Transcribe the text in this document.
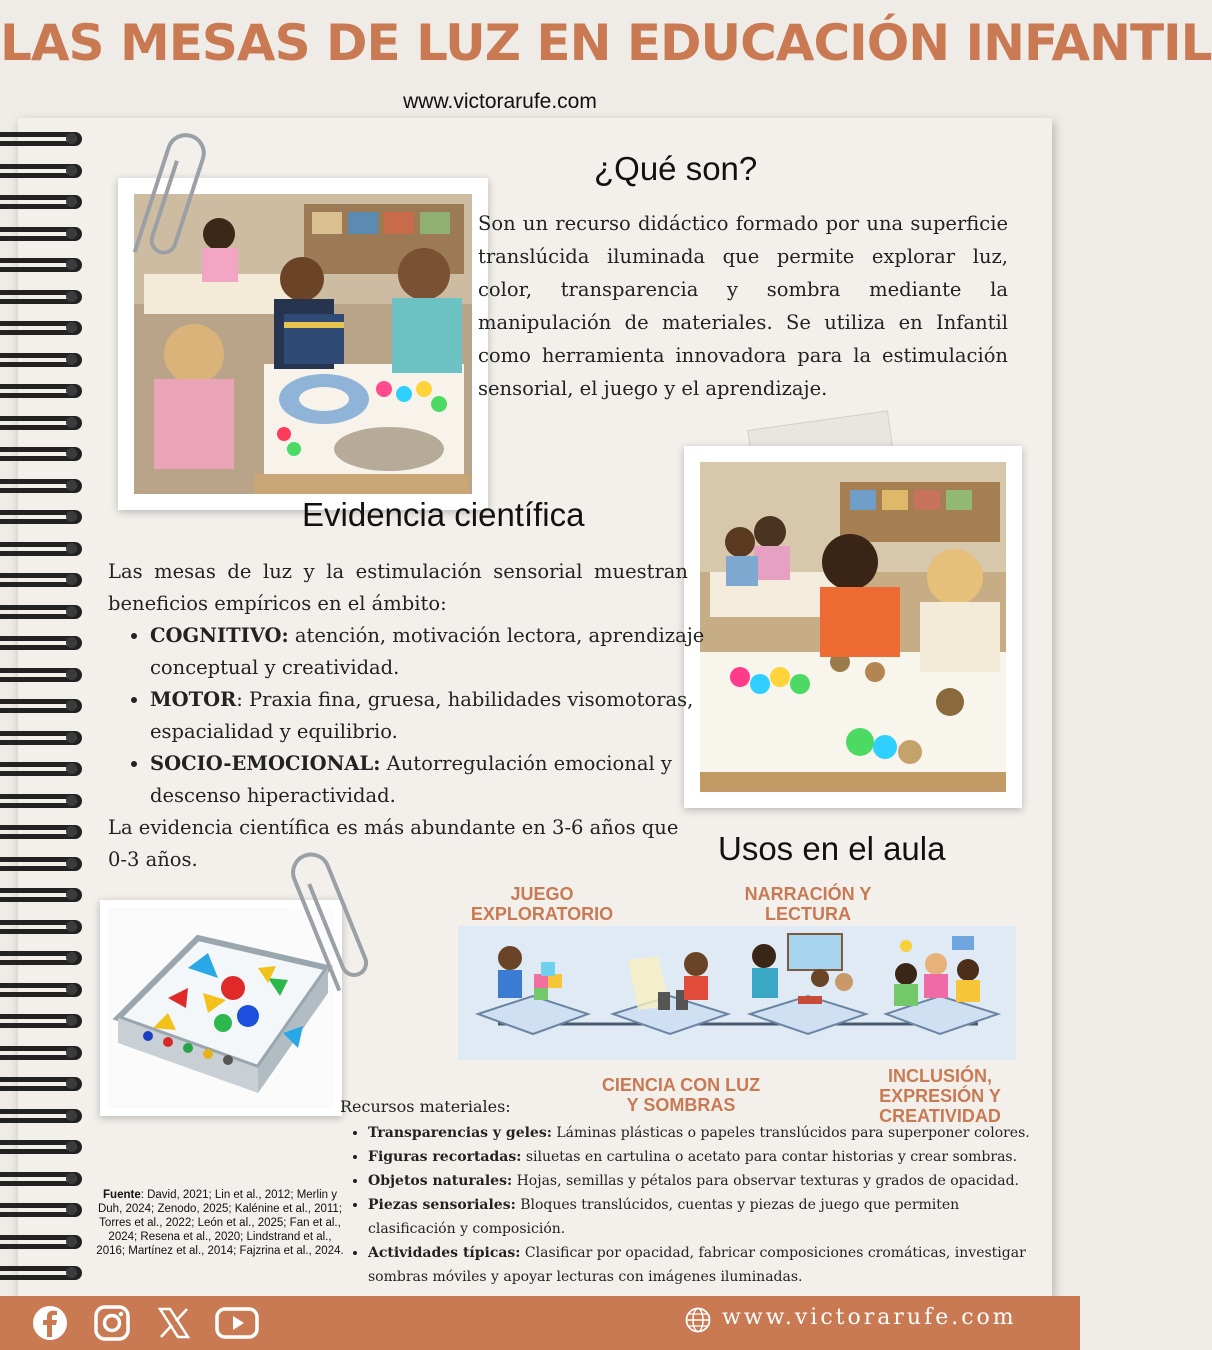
LAS MESAS DE LUZ EN EDUCACIÓN INFANTIL
www.victorarufe.com
¿Qué son?
Son un recurso didáctico formado por una superficie translúcida iluminada que permite explorar luz, color, transparencia y sombra mediante la manipulación de materiales. Se utiliza en Infantil como herramienta innovadora para la estimulación sensorial, el juego y el aprendizaje.
Evidencia científica
Las mesas de luz y la estimulación sensorial muestran beneficios empíricos en el ámbito:
• COGNITIVO: atención, motivación lectora, aprendizaje conceptual y creatividad.
• MOTOR: Praxia fina, gruesa, habilidades visomotoras, espacialidad y equilibrio.
• SOCIO-EMOCIONAL: Autorregulación emocional y descenso hiperactividad.
La evidencia científica es más abundante en 3-6 años que 0-3 años.	Usos en el aula
JUEGO EXPLORATORIO
NARRACIÓN Y LECTURA
CIENCIA CON LUZ Y SOMBRAS
INCLUSIÓN, EXPRESIÓN Y CREATIVIDAD
Recursos materiales:
• Transparencias y geles: Láminas plásticas o papeles translúcidos para superponer colores.
• Figuras recortadas: siluetas en cartulina o acetato para contar historias y crear sombras.
• Objetos naturales: Hojas, semillas y pétalos para observar texturas y grados de opacidad.
• Piezas sensoriales: Bloques translúcidos, cuentas y piezas de juego que permiten clasificación y composición.
• Actividades típicas: Clasificar por opacidad, fabricar composiciones cromáticas, investigar sombras móviles y apoyar lecturas con imágenes iluminadas.
Fuente: David, 2021; Lin et al., 2012; Merlin y Duh, 2024; Zenodo, 2025; Kalénine et al., 2011; Torres et al., 2022; León et al., 2025; Fan et al., 2024; Resena et al., 2020; Lindstrand et al., 2016; Martínez et al., 2014; Fajzrina et al., 2024.
www.victorarufe.com
